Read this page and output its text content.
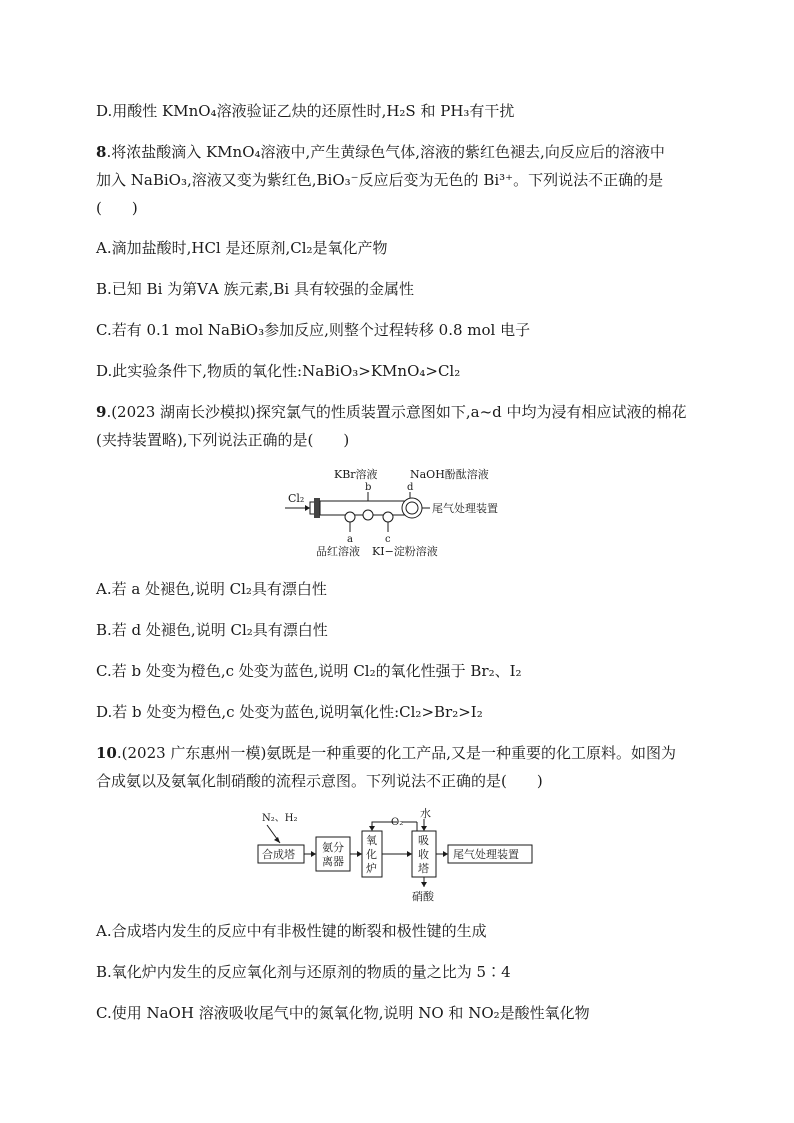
D.用酸性 KMnO₄溶液验证乙炔的还原性时,H₂S 和 PH₃有干扰
8.将浓盐酸滴入 KMnO₄溶液中,产生黄绿色气体,溶液的紫红色褪去,向反应后的溶液中
加入 NaBiO₃,溶液又变为紫红色,BiO₃⁻反应后变为无色的 Bi³⁺。下列说法不正确的是
(　　)
A.滴加盐酸时,HCl 是还原剂,Cl₂是氧化产物
B.已知 Bi 为第ⅤA 族元素,Bi 具有较强的金属性
C.若有 0.1 mol NaBiO₃参加反应,则整个过程转移 0.8 mol 电子
D.此实验条件下,物质的氧化性:NaBiO₃>KMnO₄>Cl₂
9.(2023 湖南长沙模拟)探究氯气的性质装置示意图如下,a~d 中均为浸有相应试液的棉花
(夹持装置略),下列说法正确的是(　　)
KBr溶液	NaOH酚酞溶液
b	d
Cl₂
尾气处理装置
a	c
品红溶液 KI−淀粉溶液
A.若 a 处褪色,说明 Cl₂具有漂白性
B.若 d 处褪色,说明 Cl₂具有漂白性
C.若 b 处变为橙色,c 处变为蓝色,说明 Cl₂的氧化性强于 Br₂、I₂
D.若 b 处变为橙色,c 处变为蓝色,说明氧化性:Cl₂>Br₂>I₂
10.(2023 广东惠州一模)氨既是一种重要的化工产品,又是一种重要的化工原料。如图为
合成氨以及氨氧化制硝酸的流程示意图。下列说法不正确的是(　　)
N₂、H₂
合成塔
氨分
离器
氧
化
炉
O₂
水
吸
收
塔
硝酸
尾气处理装置
A.合成塔内发生的反应中有非极性键的断裂和极性键的生成
B.氧化炉内发生的反应氧化剂与还原剂的物质的量之比为 5∶4
C.使用 NaOH 溶液吸收尾气中的氮氧化物,说明 NO 和 NO₂是酸性氧化物
